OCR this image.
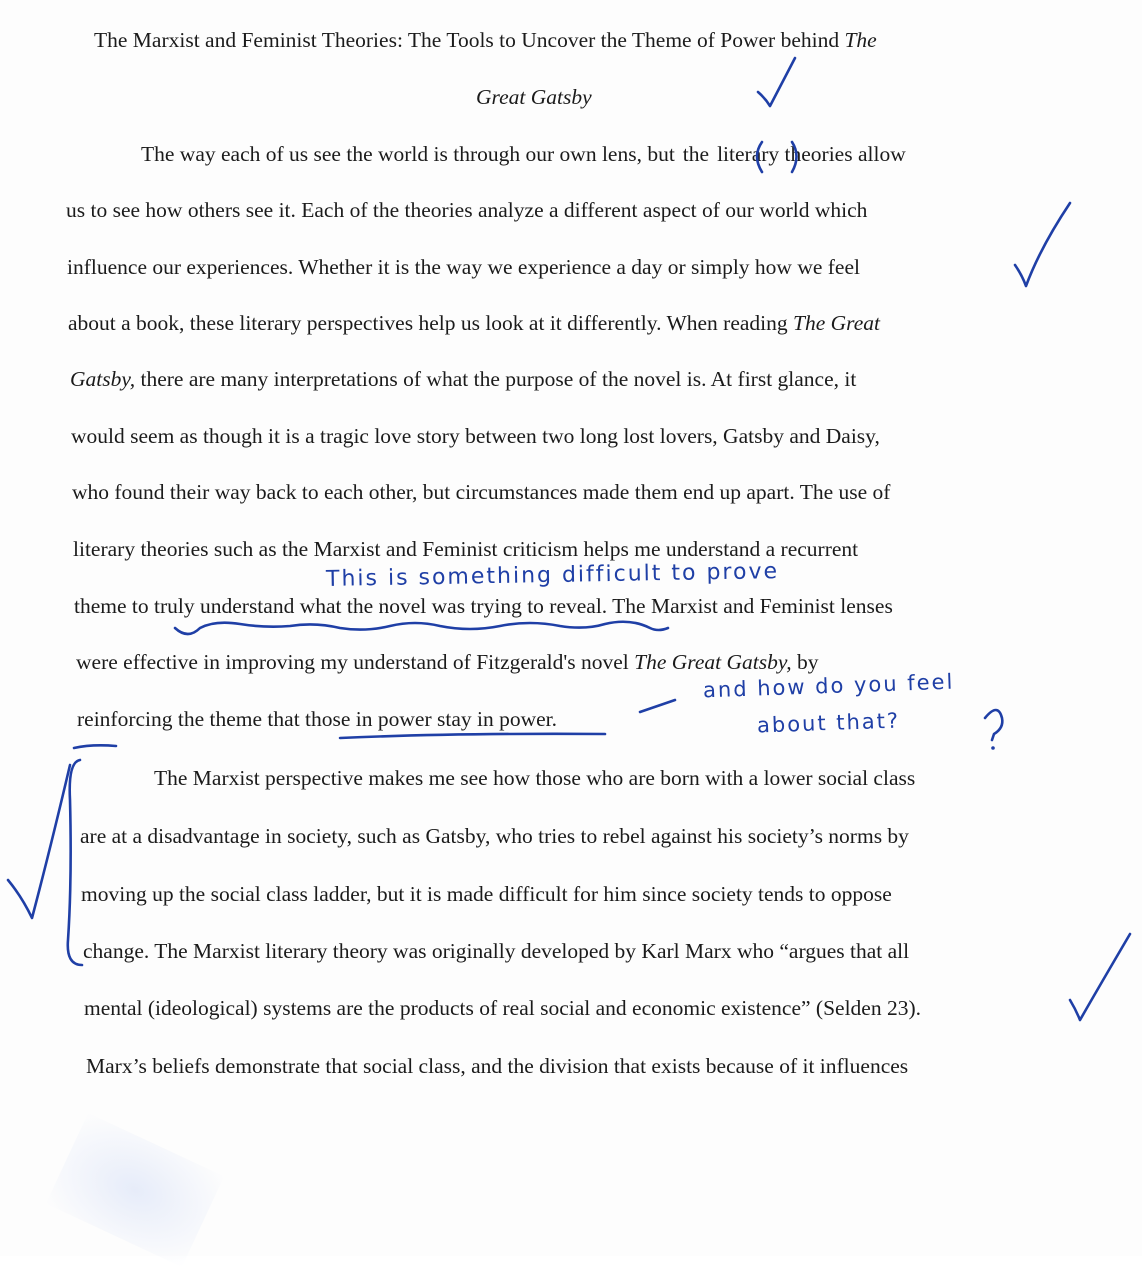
The Marxist and Feminist Theories: The Tools to Uncover the Theme of Power behind The
Great Gatsby
The way each of us see the world is through our own lens, but the literary theories allow
us to see how others see it. Each of the theories analyze a different aspect of our world which
influence our experiences. Whether it is the way we experience a day or simply how we feel
about a book, these literary perspectives help us look at it differently. When reading The Great
Gatsby, there are many interpretations of what the purpose of the novel is. At first glance, it
would seem as though it is a tragic love story between two long lost lovers, Gatsby and Daisy,
who found their way back to each other, but circumstances made them end up apart. The use of
literary theories such as the Marxist and Feminist criticism helps me understand a recurrent
theme to truly understand what the novel was trying to reveal. The Marxist and Feminist lenses
were effective in improving my understand of Fitzgerald's novel The Great Gatsby, by
reinforcing the theme that those in power stay in power.
The Marxist perspective makes me see how those who are born with a lower social class
are at a disadvantage in society, such as Gatsby, who tries to rebel against his society’s norms by
moving up the social class ladder, but it is made difficult for him since society tends to oppose
change. The Marxist literary theory was originally developed by Karl Marx who “argues that all
mental (ideological) systems are the products of real social and economic existence” (Selden 23).
Marx’s beliefs demonstrate that social class, and the division that exists because of it influences
This is something difficult to prove
and how do you feel
about that?
